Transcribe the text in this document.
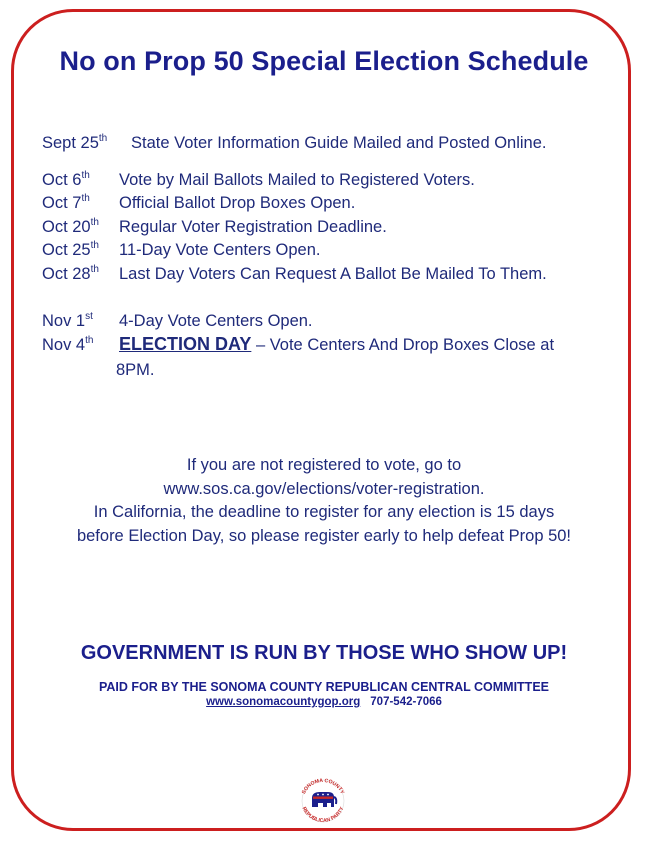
No on Prop 50 Special Election Schedule
Sept 25th State Voter Information Guide Mailed and Posted Online.
Oct 6th Vote by Mail Ballots Mailed to Registered Voters.
Oct 7th Official Ballot Drop Boxes Open.
Oct 20th Regular Voter Registration Deadline.
Oct 25th 11-Day Vote Centers Open.
Oct 28th Last Day Voters Can Request A Ballot Be Mailed To Them.
Nov 1st 4-Day Vote Centers Open.
Nov 4th ELECTION DAY – Vote Centers And Drop Boxes Close at
8PM.
If you are not registered to vote, go to
www.sos.ca.gov/elections/voter-registration.
In California, the deadline to register for any election is 15 days
before Election Day, so please register early to help defeat Prop 50!
GOVERNMENT IS RUN BY THOSE WHO SHOW UP!
PAID FOR BY THE SONOMA COUNTY REPUBLICAN CENTRAL COMMITTEE
www.sonomacountygop.org 707-542-7066
SONOMA COUNTY
REPUBLICAN PARTY
